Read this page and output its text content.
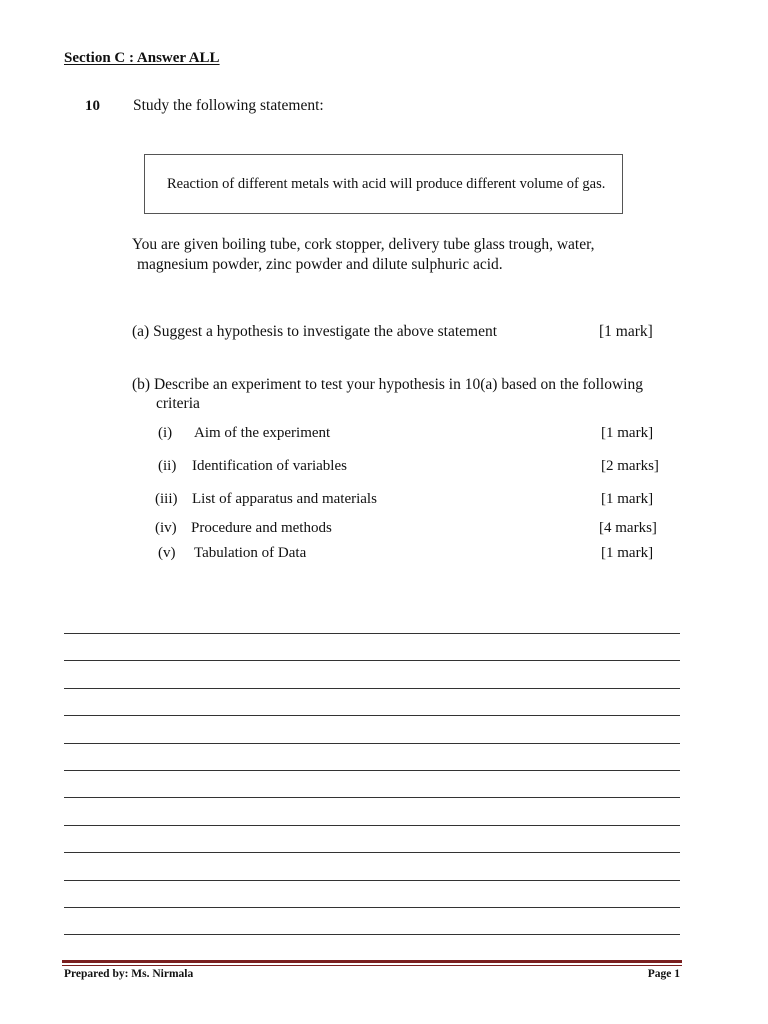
Section C : Answer ALL
10 Study the following statement:
Reaction of different metals with acid will produce different volume of gas.
You are given boiling tube, cork stopper, delivery tube glass trough, water,
magnesium powder, zinc powder and dilute sulphuric acid.
(a) Suggest a hypothesis to investigate the above statement	[1 mark]
(b) Describe an experiment to test your hypothesis in 10(a) based on the following
criteria
(i) Aim of the experiment	[1 mark]
(ii) Identification of variables	[2 marks]
(iii) List of apparatus and materials	[1 mark]
(iv) Procedure and methods	[4 marks]
(v) Tabulation of Data	[1 mark]
Prepared by: Ms. Nirmala	Page 1
